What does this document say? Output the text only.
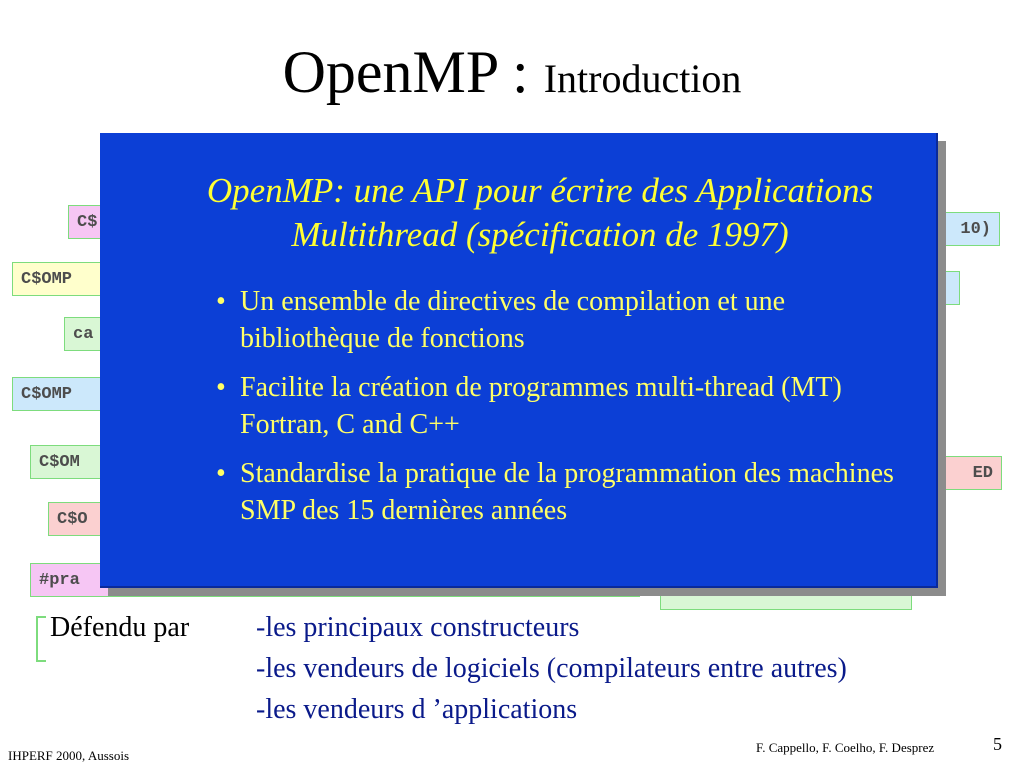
OpenMP : Introduction
C$
C$OMP
ca
C$OMP
C$OM
C$O
#pra
10)
ED
OpenMP: une API pour écrire des Applications Multithread (spécification de 1997)
• Un ensemble de directives de compilation et une bibliothèque de fonctions
• Facilite la création de programmes multi-thread (MT) Fortran, C and C++
• Standardise la pratique de la programmation des machines SMP des 15 dernières années
Défendu par -les principaux constructeurs
-les vendeurs de logiciels (compilateurs entre autres)
-les vendeurs d ’applications
IHPERF 2000, Aussois
F. Cappello, F. Coelho, F. Desprez	5
